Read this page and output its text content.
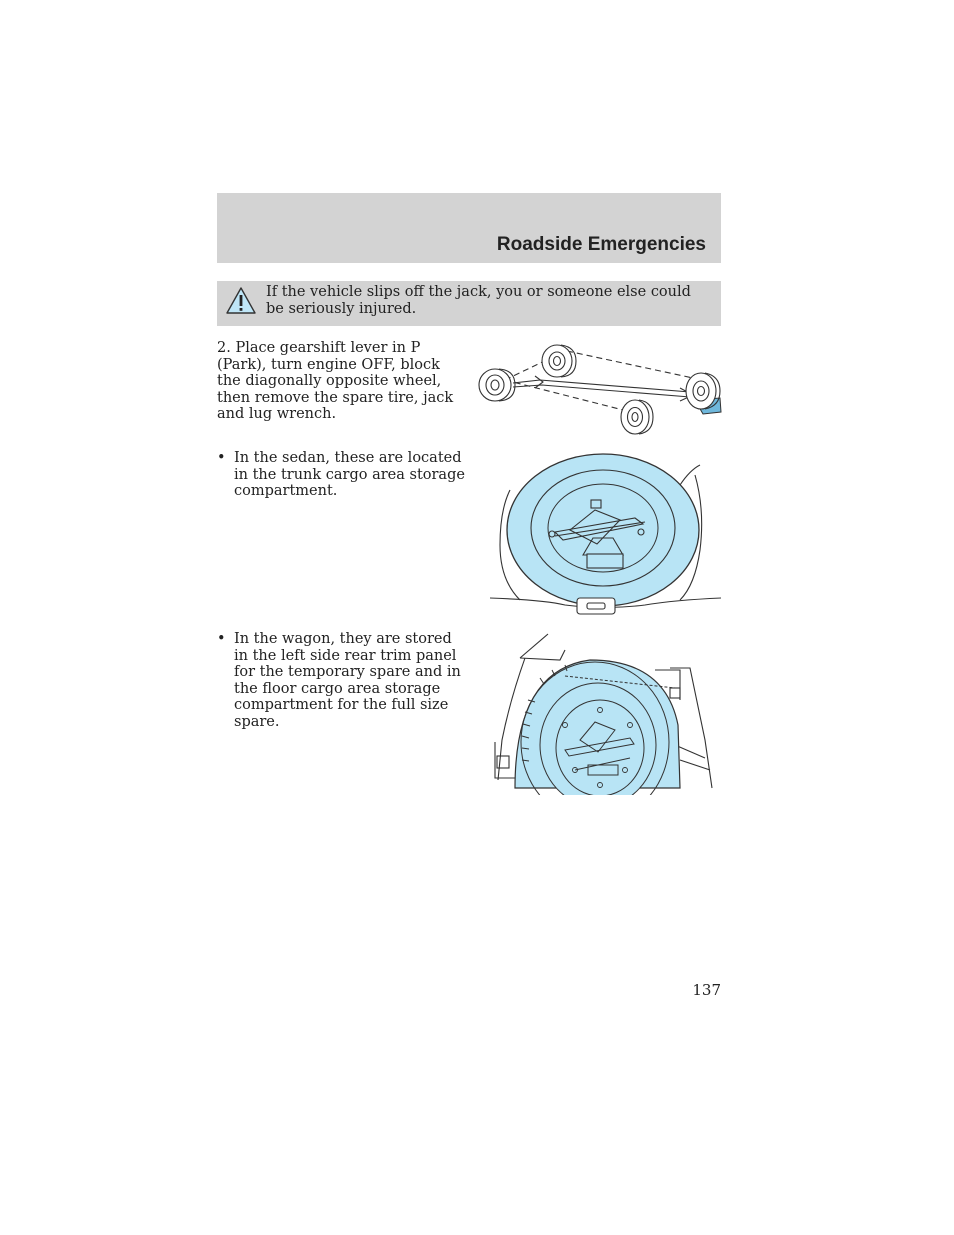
Roadside Emergencies

If the vehicle slips off the jack, you or someone else could be seriously injured.

2. Place gearshift lever in P (Park), turn engine OFF, block the diagonally opposite wheel, then remove the spare tire, jack and lug wrench.

• In the sedan, these are located in the trunk cargo area storage compartment.

• In the wagon, they are stored in the left side rear trim panel for the temporary spare and in the floor cargo area storage compartment for the full size spare.

137
